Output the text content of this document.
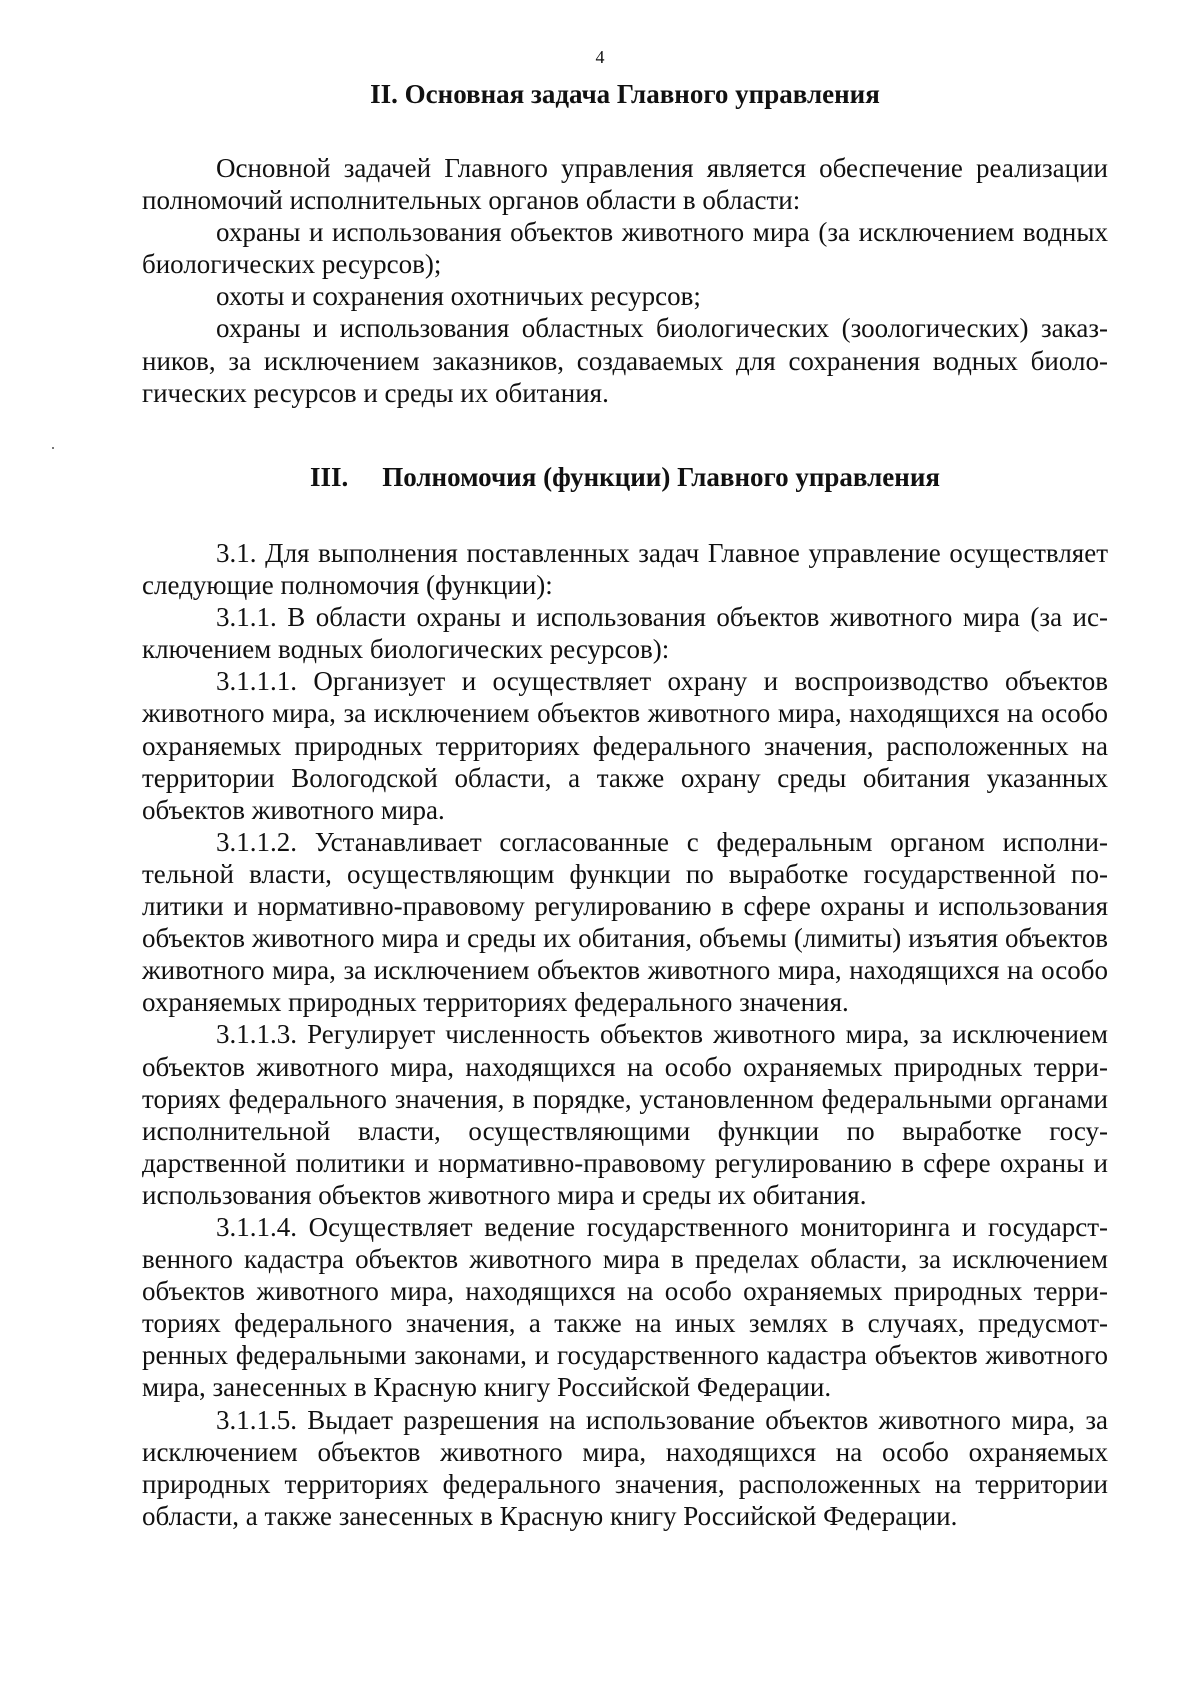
4
II. Основная задача Главного управления

Основной задачей Главного управления является обеспечение реализации полномочий исполнительных органов области в области:

охраны и использования объектов животного мира (за исключением водных биологических ресурсов);

охоты и сохранения охотничьих ресурсов;

охраны и использования областных биологических (зоологических) заказников, за исключением заказников, создаваемых для сохранения водных биологических ресурсов и среды их обитания.

III. Полномочия (функции) Главного управления

3.1. Для выполнения поставленных задач Главное управление осуществляет следующие полномочия (функции):

3.1.1. В области охраны и использования объектов животного мира (за исключением водных биологических ресурсов):

3.1.1.1. Организует и осуществляет охрану и воспроизводство объектов животного мира, за исключением объектов животного мира, находящихся на особо охраняемых природных территориях федерального значения, расположенных на территории Вологодской области, а также охрану среды обитания указанных объектов животного мира.

3.1.1.2. Устанавливает согласованные с федеральным органом исполнительной власти, осуществляющим функции по выработке государственной политики и нормативно-правовому регулированию в сфере охраны и использования объектов животного мира и среды их обитания, объемы (лимиты) изъятия объектов животного мира, за исключением объектов животного мира, находящихся на особо охраняемых природных территориях федерального значения.

3.1.1.3. Регулирует численность объектов животного мира, за исключением объектов животного мира, находящихся на особо охраняемых природных территориях федерального значения, в порядке, установленном федеральными органами исполнительной власти, осуществляющими функции по выработке государственной политики и нормативно-правовому регулированию в сфере охраны и использования объектов животного мира и среды их обитания.

3.1.1.4. Осуществляет ведение государственного мониторинга и государственного кадастра объектов животного мира в пределах области, за исключением объектов животного мира, находящихся на особо охраняемых природных территориях федерального значения, а также на иных землях в случаях, предусмотренных федеральными законами, и государственного кадастра объектов животного мира, занесенных в Красную книгу Российской Федерации.

3.1.1.5. Выдает разрешения на использование объектов животного мира, за исключением объектов животного мира, находящихся на особо охраняемых природных территориях федерального значения, расположенных на территории области, а также занесенных в Красную книгу Российской Федерации.
